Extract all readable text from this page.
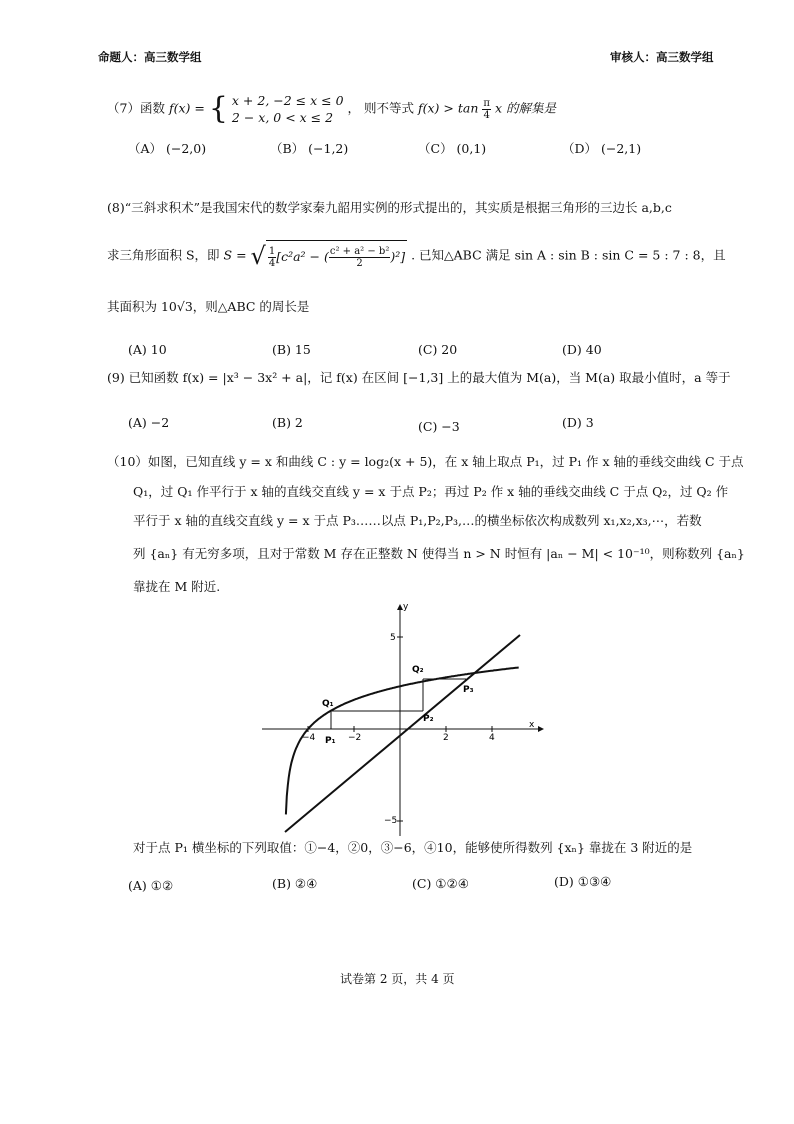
命题人：高三数学组	审核人：高三数学组
（7）函数 f(x) = { x + 2, −2 ≤ x ≤ 0
2 − x, 0 < x ≤ 2
， 则不等式 $f(x) > \tan \frac{\pi}{4}$ x 的解集是
（A） (−2,0)	（B） (−1,2)	（C） (0,1)	（D） (−2,1)
(8)“三斜求积术”是我国宋代的数学家秦九韶用实例的形式提出的，其实质是根据三角形的三边长 a,b,c
求三角形面积 S，即 S = √ $\frac{1}{4} [c^2a^2$ − ( $\frac{\text{c² + a² − b²}}{2} )^2$] . 已知△ABC 满足 sin A : sin B : sin C = 5 : 7 : 8，且
其面积为 10√3，则△ABC 的周长是
(A) 10	(B) 15	(C) 20	(D) 40
(9) 已知函数 f(x) = |x³ − 3x² + a|，记 f(x) 在区间 [−1,3] 上的最大值为 M(a)，当 M(a) 取最小值时，a 等于
(A) −2	(B) 2	(C) −3	(D) 3
（10）如图，已知直线 y = x 和曲线 C : y = log₂(x + 5)，在 x 轴上取点 P₁，过 P₁ 作 x 轴的垂线交曲线 C 于点
Q₁，过 Q₁ 作平行于 x 轴的直线交直线 y = x 于点 P₂；再过 P₂ 作 x 轴的垂线交曲线 C 于点 Q₂，过 Q₂ 作
平行于 x 轴的直线交直线 y = x 于点 P₃……以点 P₁,P₂,P₃,…的横坐标依次构成数列 x₁,x₂,x₃,⋯，若数
列 {aₙ} 有无穷多项，且对于常数 M 存在正整数 N 使得当 n > N 时恒有 |aₙ − M| < 10⁻¹⁰，则称数列 {aₙ}
靠拢在 M 附近.
x
y
5
−5
−4	−2	2	4
Q₁
Q₂
P₁
P₂
P₃
对于点 P₁ 横坐标的下列取值：①−4，②0，③−6，④10，能够使所得数列 {xₙ} 靠拢在 3 附近的是
(A) ①②	(B) ②④	(C) ①②④	(D) ①③④
试卷第 2 页，共 4 页
